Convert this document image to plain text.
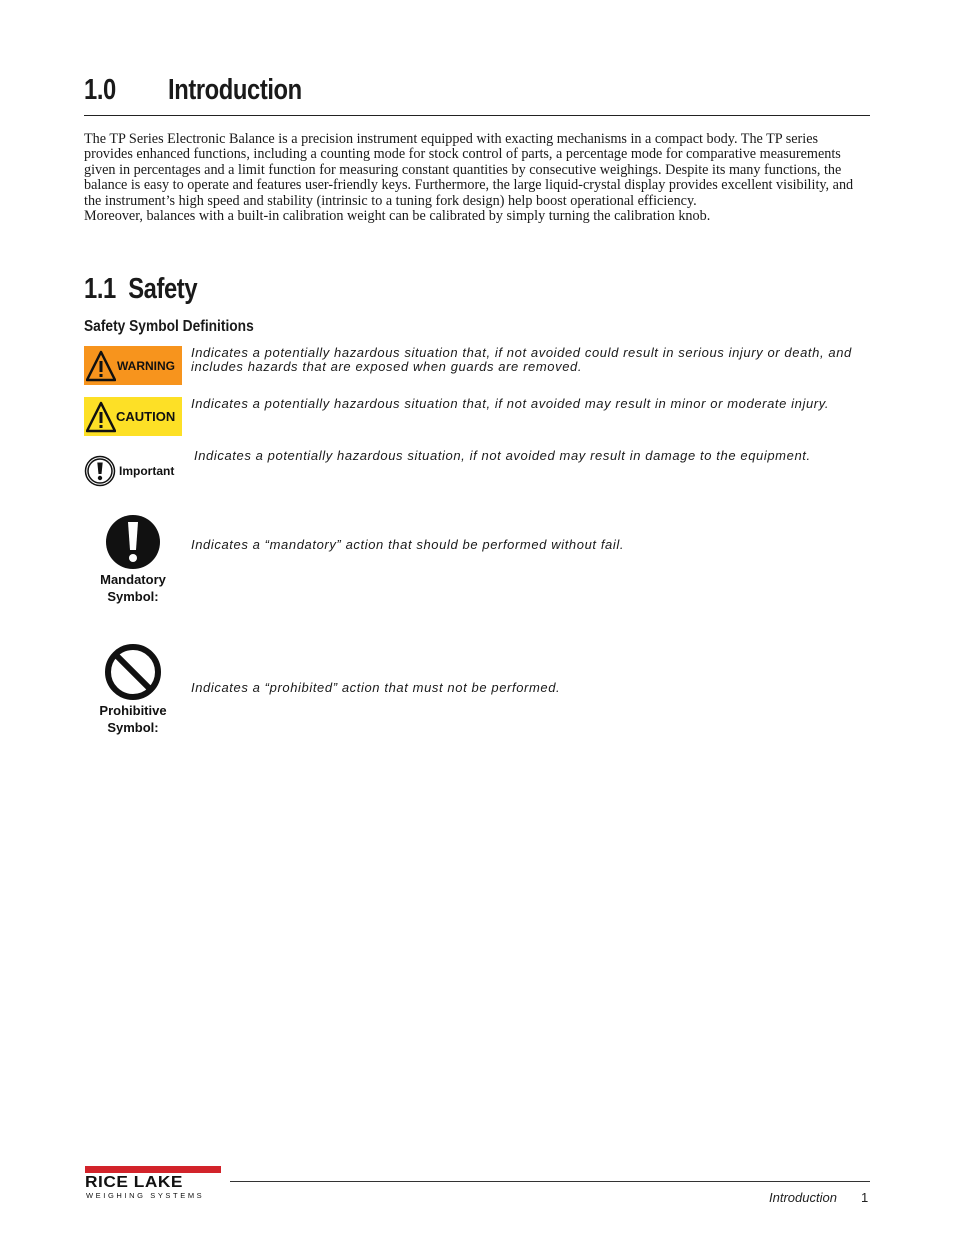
1.0 Introduction

The TP Series Electronic Balance is a precision instrument equipped with exacting mechanisms in a compact body. The TP series provides enhanced functions, including a counting mode for stock control of parts, a percentage mode for comparative measurements given in percentages and a limit function for measuring constant quantities by consecutive weighings. Despite its many functions, the balance is easy to operate and features user-friendly keys. Furthermore, the large liquid-crystal display provides excellent visibility, and the instrument’s high speed and stability (intrinsic to a tuning fork design) help boost operational efficiency.

Moreover, balances with a built-in calibration weight can be calibrated by simply turning the calibration knob.

1.1  Safety
Safety Symbol Definitions
WARNING
Indicates a potentially hazardous situation that, if not avoided could result in serious injury or death, and includes hazards that are exposed when guards are removed.
CAUTION
Indicates a potentially hazardous situation that, if not avoided may result in minor or moderate injury.
Important
Indicates a potentially hazardous situation, if not avoided may result in damage to the equipment.
Mandatory
Symbol:
Indicates a “mandatory” action that should be performed without fail.
Prohibitive
Symbol:
Indicates a “prohibited” action that must not be performed.
RICE LAKE
WEIGHING SYSTEMS	Introduction 1
